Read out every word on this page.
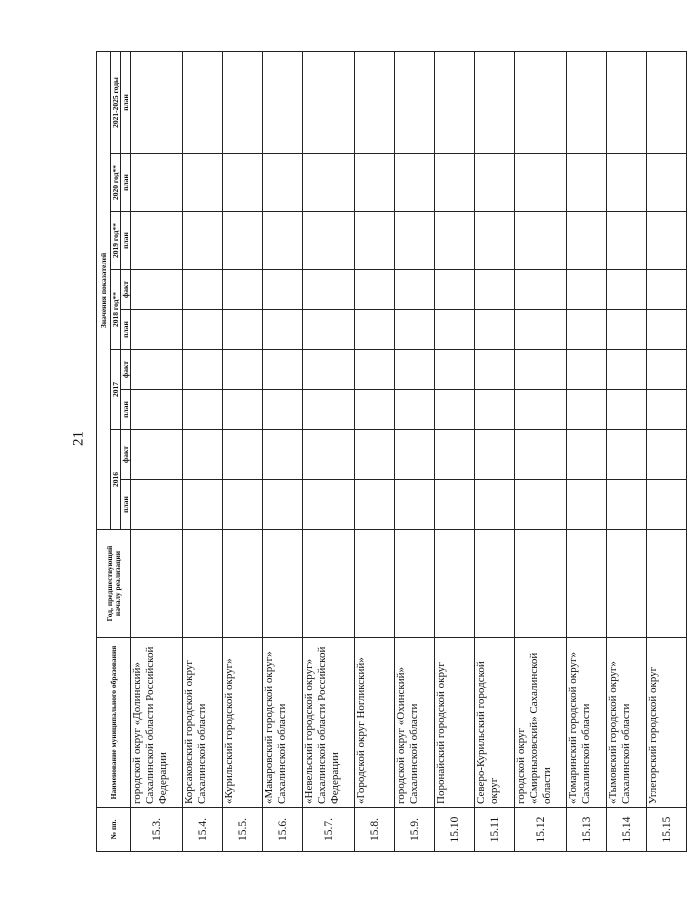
21
№ пп.	Наименование муниципального образования	Год, предшествующий началу реализации	Значения показателей								
			2016		2017		2018 год**		2019 год**	2020 год**	2021-2025 годы
			план	факт	план	факт	план	факт	план	план	план
15.3.	городской округ «Долинский» Сахалинской области Российской Федерации										
15.4.	Корсаковский городской округ Сахалинской области										
15.5.	«Курильский городской округ»										
15.6.	«Макаровский городской округ» Сахалинской области										
15.7.	«Невельский городской округ» Сахалинской области Российской Федерации										
15.8.	«Городской округ Ногликский»										
15.9.	городской округ «Охинский» Сахалинской области										
15.10	Поронайский городской округ										
15.11	Северо-Курильский городской округ										
15.12	городской округ «Смирныховский» Сахалинской области										
15.13	«Томаринский городской округ» Сахалинской области										
15.14	«Тымовский городской округ» Сахалинской области										
15.15	Углегорский городской округ										
